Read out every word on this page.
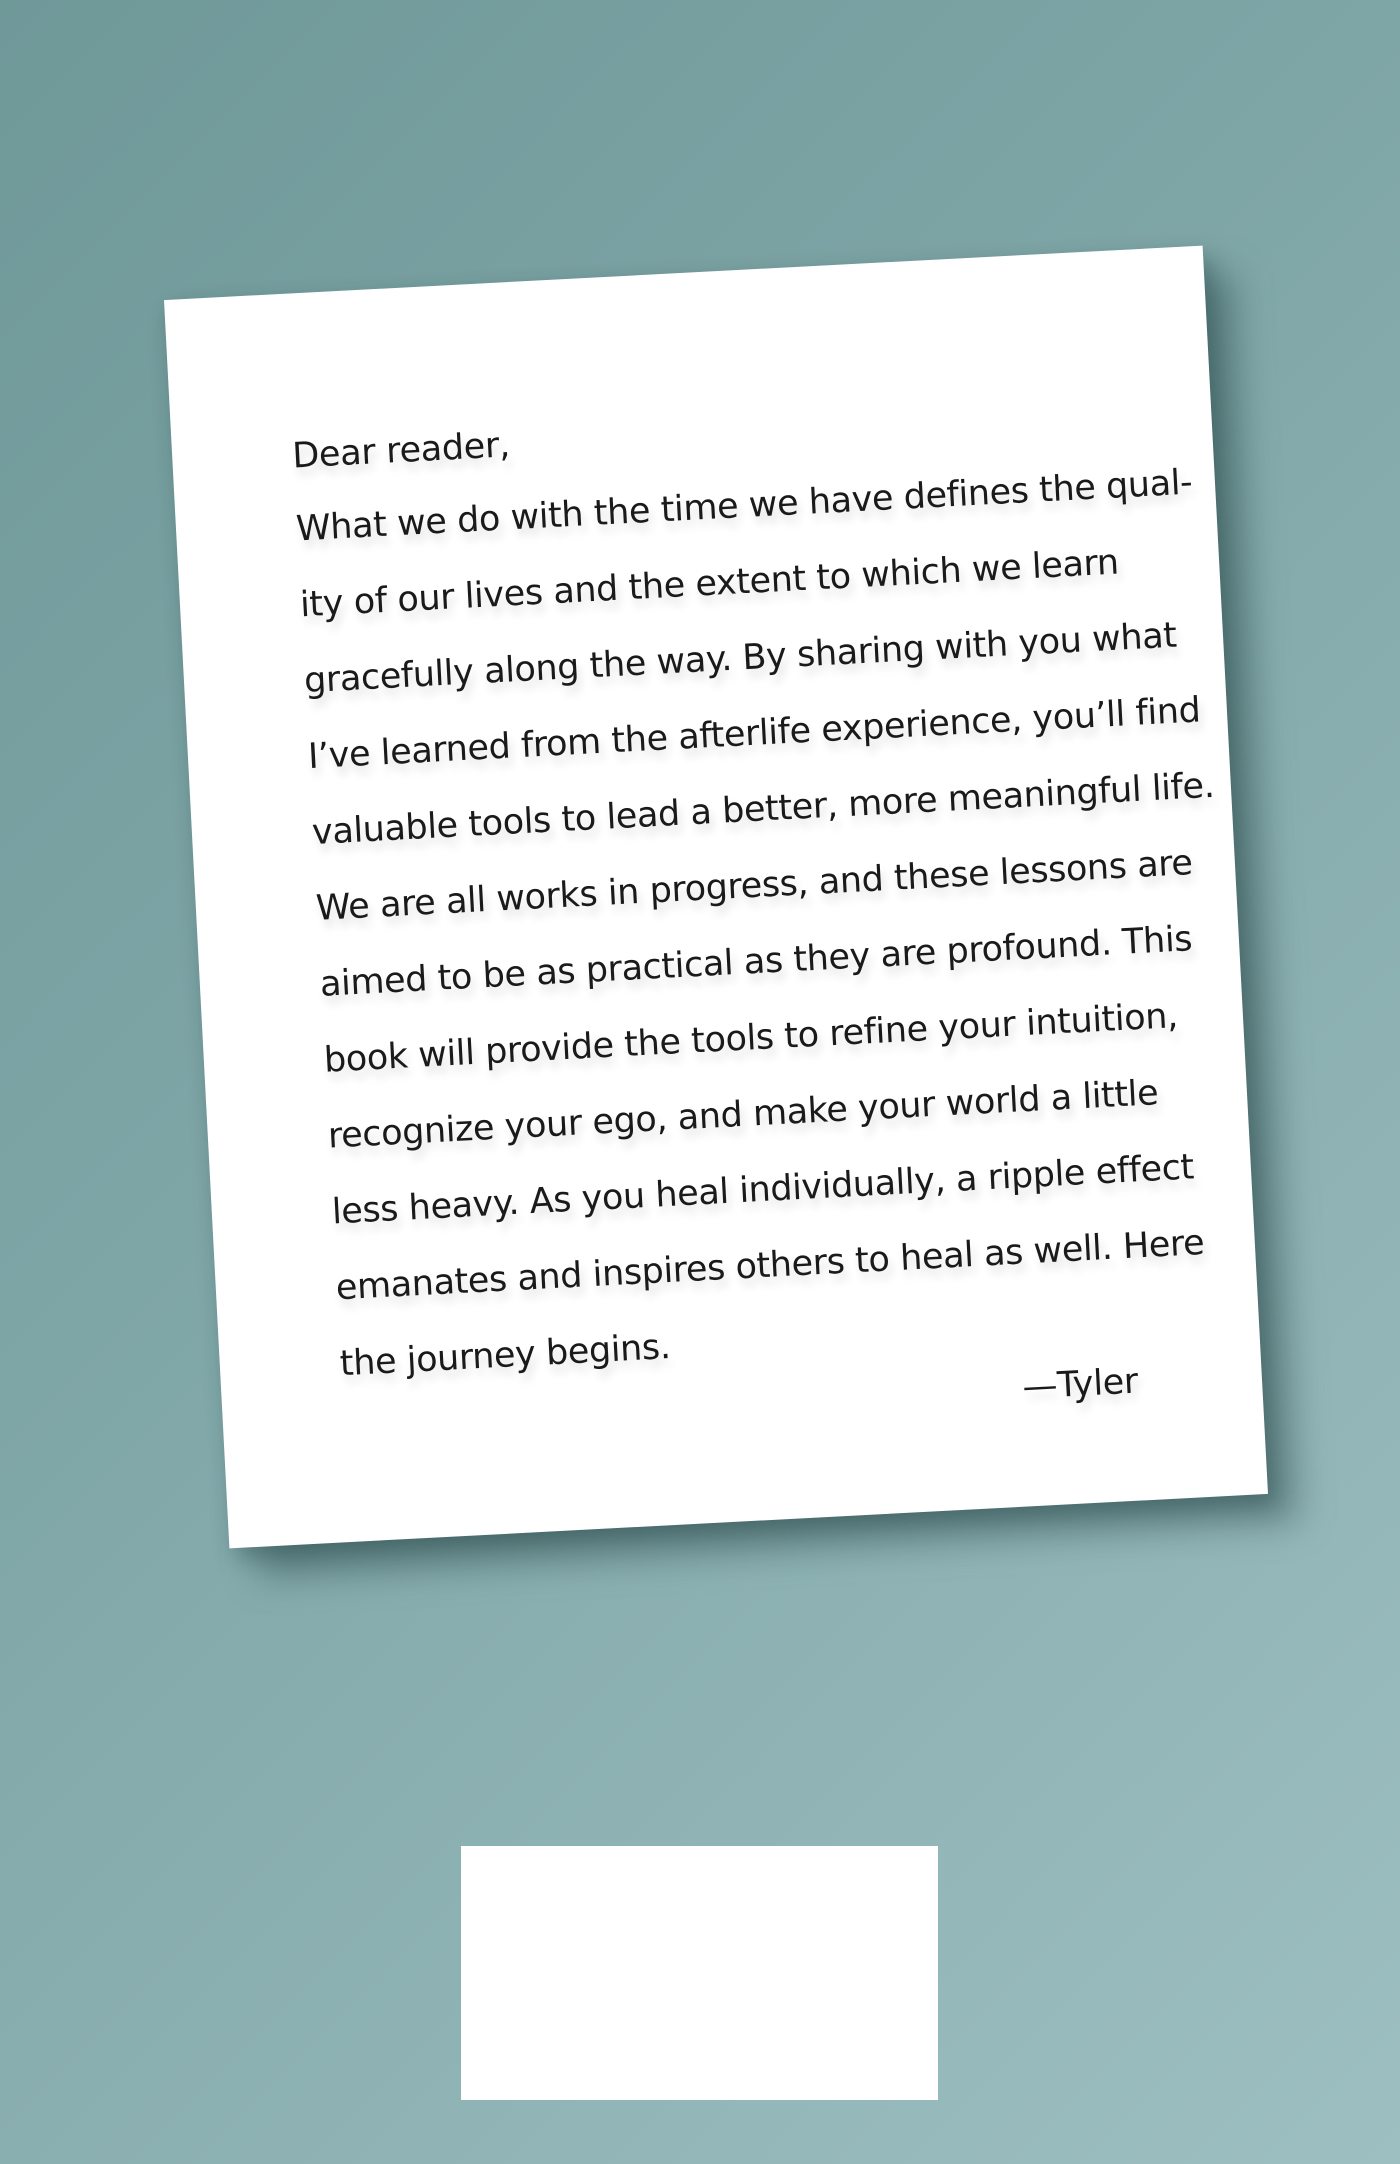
Dear reader,

What we do with the time we have defines the qual-
ity of our lives and the extent to which we learn
gracefully along the way. By sharing with you what
I’ve learned from the afterlife experience, you’ll find
valuable tools to lead a better, more meaningful life.
We are all works in progress, and these lessons are
aimed to be as practical as they are profound. This
book will provide the tools to refine your intuition,
recognize your ego, and make your world a little
less heavy. As you heal individually, a ripple effect
emanates and inspires others to heal as well. Here
the journey begins.
—Tyler
